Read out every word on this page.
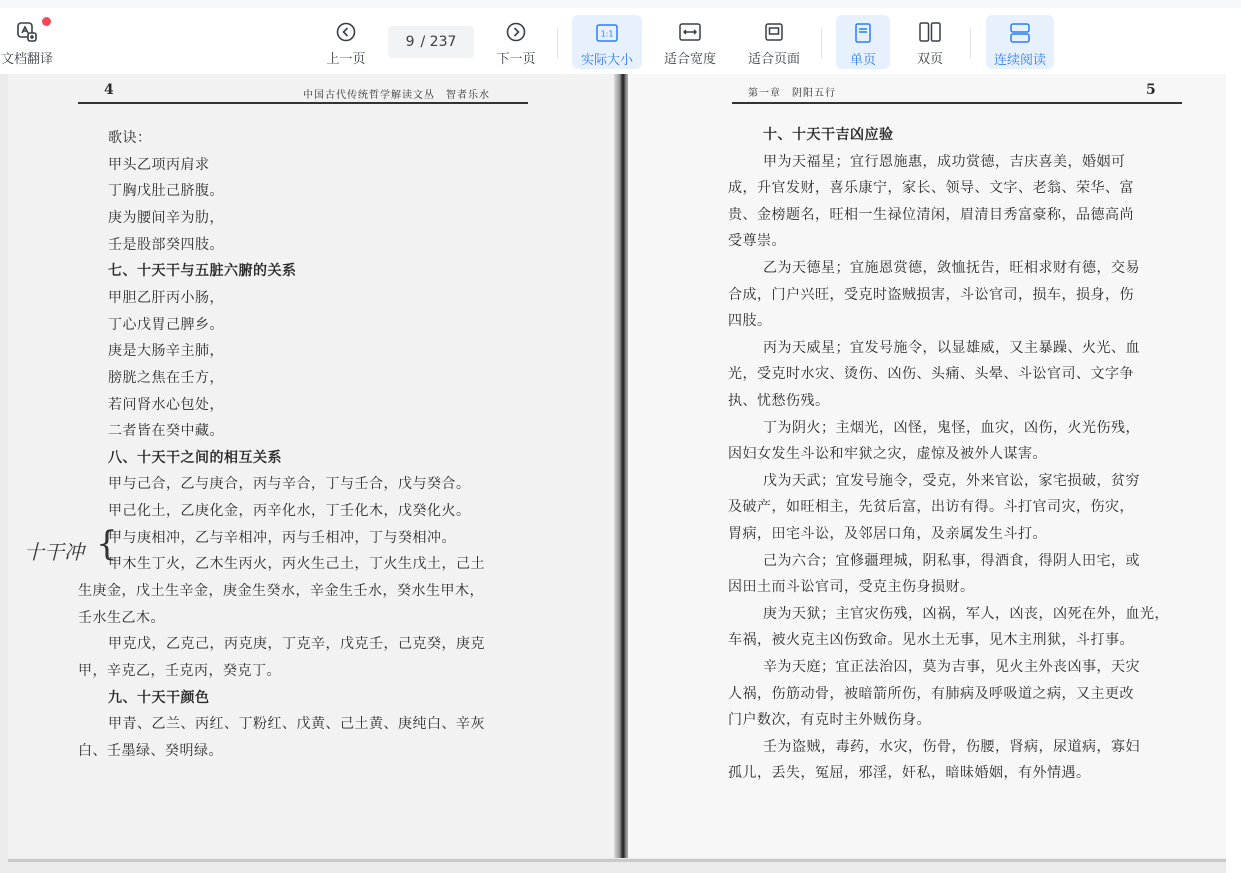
文档翻译	上一页
9 / 237
下一页
1:1
实际大小 适合宽度 适合页面	单页	双页	连续阅读
4	中国古代传统哲学解读文丛　智者乐水
歌诀：
甲头乙项丙肩求
丁胸戊肚己脐腹。
庚为腰间辛为肋，
壬是股部癸四肢。
七、十天干与五脏六腑的关系
甲胆乙肝丙小肠，
丁心戊胃己脾乡。
庚是大肠辛主肺，
膀胱之焦在壬方，
若问肾水心包处，
二者皆在癸中藏。
八、十天干之间的相互关系
甲与己合，乙与庚合，丙与辛合，丁与壬合，戊与癸合。
甲己化土，乙庚化金，丙辛化水，丁壬化木，戊癸化火。
甲与庚相冲，乙与辛相冲，丙与壬相冲，丁与癸相冲。
甲木生丁火，乙木生丙火，丙火生己土，丁火生戊土，己土
生庚金，戊土生辛金，庚金生癸水，辛金生壬水，癸水生甲木，
壬水生乙木。
甲克戊，乙克己，丙克庚，丁克辛，戊克壬，己克癸，庚克
甲，辛克乙，壬克丙，癸克丁。
九、十天干颜色
甲青、乙兰、丙红、丁粉红、戊黄、己土黄、庚纯白、辛灰
白、壬墨绿、癸明绿。
十干冲 {
第一章　阴阳五行	5
十、十天干吉凶应验
甲为天福星；宜行恩施惠，成功赏德，吉庆喜美，婚姻可
成，升官发财，喜乐康宁，家长、领导、文字、老翁、荣华、富
贵、金榜题名，旺相一生禄位清闲，眉清目秀富豪称，品德高尚
受尊崇。
乙为天德星；宜施恩赏德，敛恤抚告，旺相求财有德，交易
合成，门户兴旺，受克时盗贼损害，斗讼官司，损车，损身，伤
四肢。
丙为天威星；宜发号施令，以显雄威，又主暴躁、火光、血
光，受克时水灾、烫伤、凶伤、头痛、头晕、斗讼官司、文字争
执、忧愁伤残。
丁为阴火；主烟光，凶怪，鬼怪，血灾，凶伤，火光伤残，
因妇女发生斗讼和牢狱之灾，虚惊及被外人谋害。
戊为天武；宜发号施令，受克，外来官讼，家宅损破，贫穷
及破产，如旺相主，先贫后富，出访有得。斗打官司灾，伤灾，
胃病，田宅斗讼，及邻居口角，及亲属发生斗打。
己为六合；宜修疆理城，阴私事，得酒食，得阴人田宅，或
因田土而斗讼官司，受克主伤身损财。
庚为天狱；主官灾伤残，凶祸，军人，凶丧，凶死在外，血光，
车祸，被火克主凶伤致命。见水土无事，见木主刑狱，斗打事。
辛为天庭；宜正法治囚，莫为吉事，见火主外丧凶事，天灾
人祸，伤筋动骨，被暗箭所伤，有肺病及呼吸道之病，又主更改
门户数次，有克时主外贼伤身。
壬为盗贼，毒药，水灾，伤骨，伤腰，肾病，尿道病，寡妇
孤儿，丢失，冤屈，邪淫，奸私，暗昧婚姻，有外情遇。
